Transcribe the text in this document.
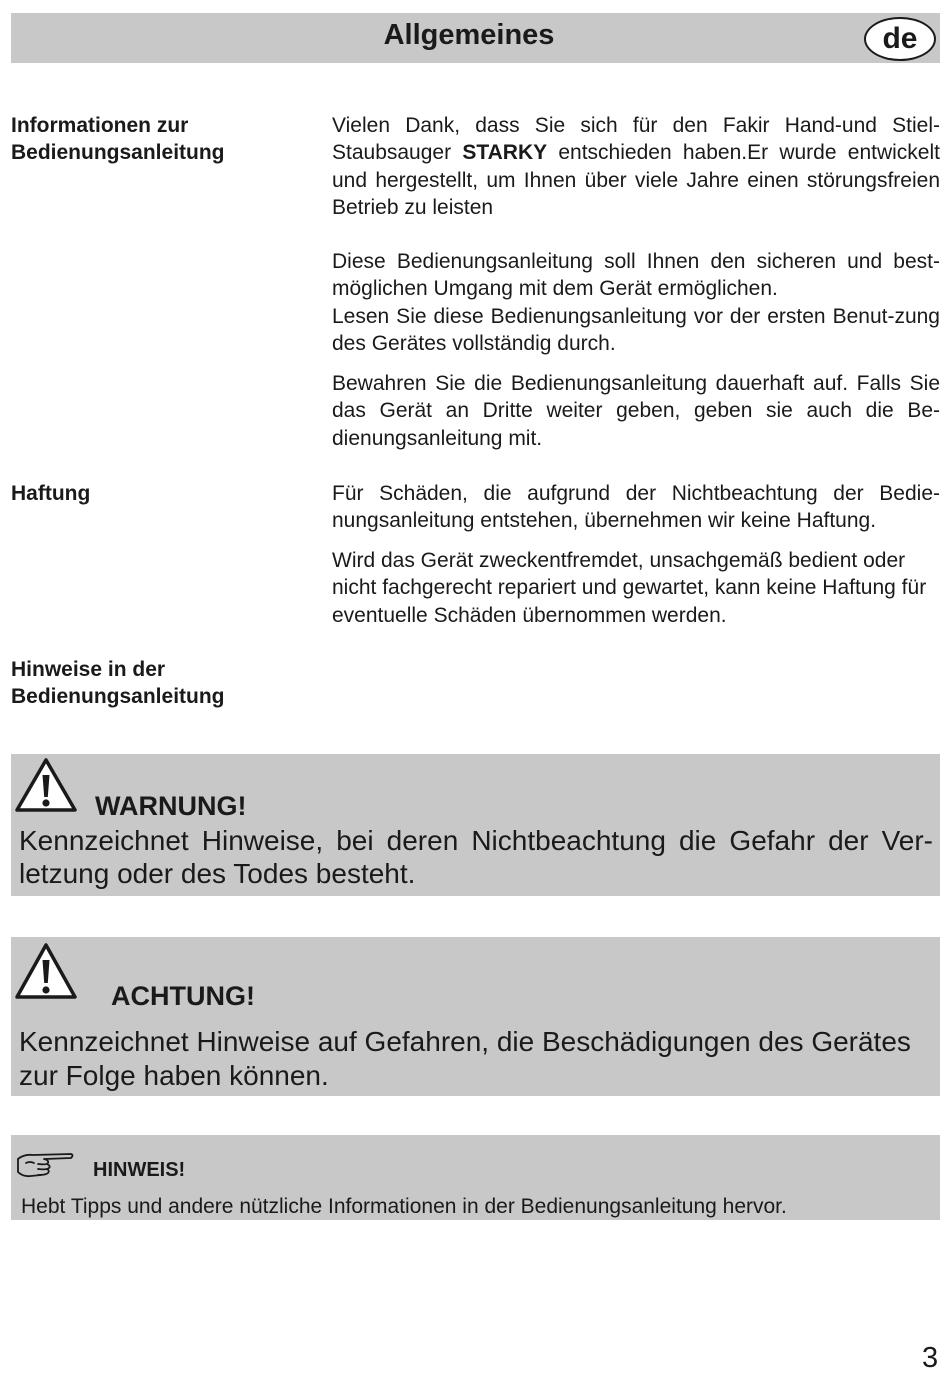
Allgemeines	de
Informationen zur
Bedienungsanleitung

Vielen Dank, dass Sie sich für den Fakir Hand-und Stiel-Staubsauger STARKY entschieden haben.Er wurde entwickelt und hergestellt, um Ihnen über viele Jahre einen störungsfreien Betrieb zu leisten

Diese Bedienungsanleitung soll Ihnen den sicheren und best-möglichen Umgang mit dem Gerät ermöglichen.

Lesen Sie diese Bedienungsanleitung vor der ersten Benut-zung des Gerätes vollständig durch.

Bewahren Sie die Bedienungsanleitung dauerhaft auf. Falls Sie das Gerät an Dritte weiter geben, geben sie auch die Be-dienungsanleitung mit.

Haftung	Für Schäden, die aufgrund der Nichtbeachtung der Bedie-nungsanleitung entstehen, übernehmen wir keine Haftung.

Wird das Gerät zweckentfremdet, unsachgemäß bedient oder nicht fachgerecht repariert und gewartet, kann keine Haftung für eventuelle Schäden übernommen werden.

Hinweise in der
Bedienungsanleitung
WARNUNG!

Kennzeichnet Hinweise, bei deren Nichtbeachtung die Gefahr der Ver-letzung oder des Todes besteht.

ACHTUNG!

Kennzeichnet Hinweise auf Gefahren, die Beschädigungen des Gerätes zur Folge haben können.

HINWEIS!

Hebt Tipps und andere nützliche Informationen in der Bedienungsanleitung hervor.

3
